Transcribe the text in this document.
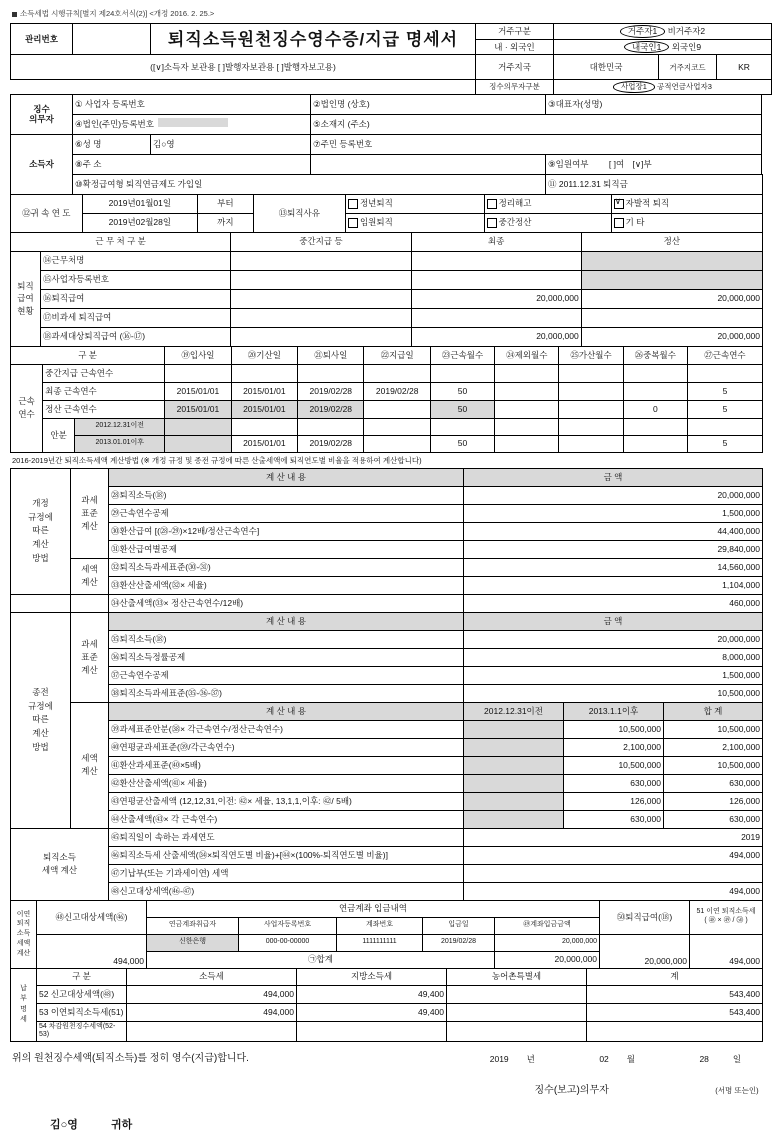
소득세법 시행규칙[별지 제24호서식(2)] <개정 2016. 2. 25.>
관리번호		퇴직소득원천징수영수증/지급 명세서	거주구분	거주자1 비거주자2		
			내 · 외국인	내국인1 외국인9		
([∨]소득자 보관용 [ ]발행자보관용 [ ]발행자보고용)			거주지국	대한민국	거주지코드	KR
			징수의무자구분	사업장1 공적연금사업자3		
징수
의무자	① 사업자 등록번호		②법인명 (상호)	③대표자(성명)
	④법인(주민)등록번호		⑤소재지 (주소)	
소득자	⑥성 명	김○영	⑦주민 등록번호	
	⑧주 소			⑨임원여부 [ ]여 [∨]부
	⑩확정급여형 퇴직연금제도 가입일			⑪ 2011.12.31 퇴직금
⑫귀 속 연 도	2019년01월01일	부터	⑬퇴직사유	정년퇴직	정리해고	∨자발적 퇴직
	2019년02월28일	까지		임원퇴직	중간정산	기 타
근 무 처 구 분		중간지급 등	최종	정산

퇴직
급여
현황	⑭근무처명			
	⑮사업자등록번호			
	⑯퇴직급여		20,000,000	20,000,000
	⑰비과세 퇴직급여			
	⑱과세대상퇴직급여 (⑯-⑰)		20,000,000	20,000,000
구 분			⑲입사일	⑳기산일	㉑퇴사일	㉒지급일	㉓근속월수	㉔제외월수	㉕가산월수	㉖중복월수	㉗근속연수

근속
연수	중간지급 근속연수										
	최종 근속연수		2015/01/01	2015/01/01	2019/02/28	2019/02/28	50				5
	정산 근속연수		2015/01/01	2015/01/01	2019/02/28		50			0	5
	안분	2012.12.31이전									
		2013.01.01이후		2015/01/01	2019/02/28		50				5
2016-2019년간 퇴직소득세액 계산방법 (※ 개정 규정 및 종전 규정에 따른 산출세액에 퇴직연도별 비율을 적용하여 계산합니다)
개정
규정에
따른
계산
방법	과세
표준
계산	계 산 내 용	금 액
		㉘퇴직소득(⑱)	20,000,000
		㉙근속연수공제	1,500,000
		㉚환산급여 [(㉘-㉙)×12배/정산근속연수]	44,400,000
		㉛환산급여별공제	29,840,000

	세액
계산	㉜퇴직소득과세표준(㉚-㉛)	14,560,000
		㉝환산산출세액(㉜× 세율)	1,104,000
		㉞산출세액(㉝× 정산근속연수/12배)	460,000
종전
규정에
따른
계산
방법	과세
표준
계산	계 산 내 용	금 액		
		㉟퇴직소득(⑱)	20,000,000		
		㊱퇴직소득정률공제	8,000,000		
		㊲근속연수공제	1,500,000		
		㊳퇴직소득과세표준(㉟-㊱-㊲)	10,500,000		

	세액
계산	계 산 내 용	2012.12.31이전	2013.1.1이후	합 계
		㊴과세표준안분(㊳× 각근속연수/정산근속연수)		10,500,000	10,500,000
		㊵연평균과세표준(㊴/각근속연수)		2,100,000	2,100,000
		㊶환산과세표준(㊵×5배)		10,500,000	10,500,000
		㊷환산산출세액(㊶× 세율)		630,000	630,000
		㊸연평균산출세액 (12,12,31,이전: ㊷× 세율, 13,1,1,이후: ㊷/ 5배)		126,000	126,000
		㊹산출세액(㊸× 각 근속연수)		630,000	630,000
퇴직소득
세액 계산	㊺퇴직일이 속하는 과세연도	2019
	㊻퇴직소득세 산출세액(㉞×퇴직연도별 비율)+[㊹×(100%-퇴직연도별 비율)]	494,000
	㊼기납부(또는 기과세이연) 세액	
	㊽신고대상세액(㊻-㊼)	494,000
이연
퇴직
소득
세액
계산	㊽신고대상세액(㊻)	연금계좌 입금내역					㊿퇴직급여(⑱)	51 이연 퇴직소득세
( ㊽ × ㊾ / ㊿ )
		연금계좌취급자	사업자등록번호	계좌번호	입금일	㊾계좌입금금액		
	494,000	신한은행	000-00-00000	1111111111	2019/02/28	20,000,000	20,000,000	494,000
		㉠합계				20,000,000		
납
부
명
세	구 분	소득세	지방소득세	농어촌특별세	계
	52 신고대상세액(㊽)	494,000	49,400		543,400
	53 이연퇴직소득세(51)	494,000	49,400		543,400
	54 차감원천징수세액(52-53)				
위의 원천징수세액(퇴직소득)를 정히 영수(지급)합니다.	2019	년	02	월	28	일
징수(보고)의무자						(서명 또는인)
김○영 귀하						
